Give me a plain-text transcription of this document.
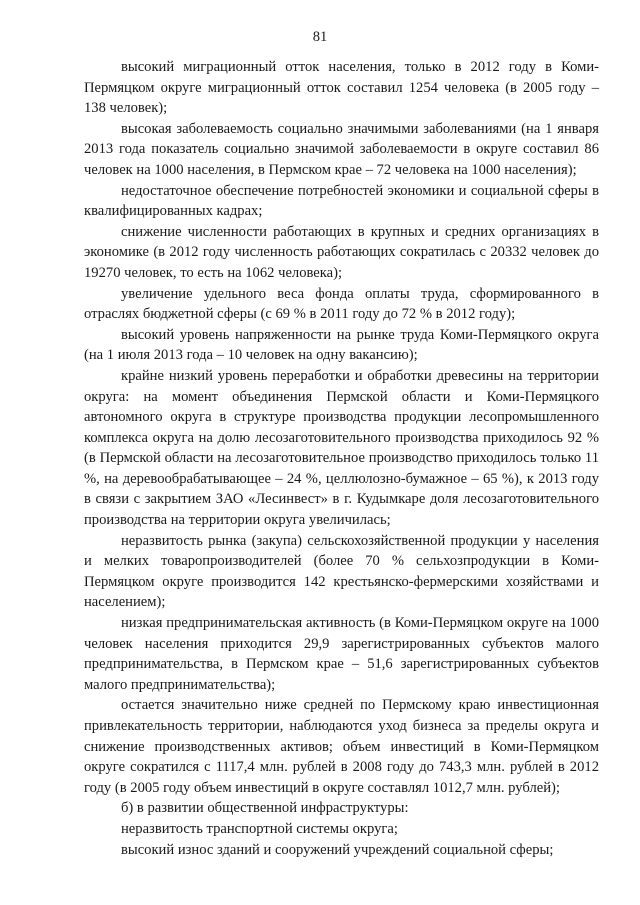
81

высокий миграционный отток населения, только в 2012 году в Коми-Пермяцком округе миграционный отток составил 1254 человека (в 2005 году – 138 человек);

высокая заболеваемость социально значимыми заболеваниями (на 1 января 2013 года показатель социально значимой заболеваемости в округе составил 86 человек на 1000 населения, в Пермском крае – 72 человека на 1000 населения);

недостаточное обеспечение потребностей экономики и социальной сферы в квалифицированных кадрах;

снижение численности работающих в крупных и средних организациях в экономике (в 2012 году численность работающих сократилась с 20332 человек до 19270 человек, то есть на 1062 человека);

увеличение удельного веса фонда оплаты труда, сформированного в отраслях бюджетной сферы (с 69 % в 2011 году до 72 % в 2012 году);

высокий уровень напряженности на рынке труда Коми-Пермяцкого округа (на 1 июля 2013 года – 10 человек на одну вакансию);

крайне низкий уровень переработки и обработки древесины на территории округа: на момент объединения Пермской области и Коми-Пермяцкого автономного округа в структуре производства продукции лесопромышленного комплекса округа на долю лесозаготовительного производства приходилось 92 % (в Пермской области на лесозаготовительное производство приходилось только 11 %, на деревообрабатывающее – 24 %, целлюлозно-бумажное – 65 %), к 2013 году в связи с закрытием ЗАО «Лесинвест» в г. Кудымкаре доля лесозаготовительного производства на территории округа увеличилась;

неразвитость рынка (закупа) сельскохозяйственной продукции у населения и мелких товаропроизводителей (более 70 % сельхозпродукции в Коми-Пермяцком округе производится 142 крестьянско-фермерскими хозяйствами и населением);

низкая предпринимательская активность (в Коми-Пермяцком округе на 1000 человек населения приходится 29,9 зарегистрированных субъектов малого предпринимательства, в Пермском крае – 51,6 зарегистрированных субъектов малого предпринимательства);

остается значительно ниже средней по Пермскому краю инвестиционная привлекательность территории, наблюдаются уход бизнеса за пределы округа и снижение производственных активов; объем инвестиций в Коми-Пермяцком округе сократился с 1117,4 млн. рублей в 2008 году до 743,3 млн. рублей в 2012 году (в 2005 году объем инвестиций в округе составлял 1012,7 млн. рублей);

б) в развитии общественной инфраструктуры:

неразвитость транспортной системы округа;

высокий износ зданий и сооружений учреждений социальной сферы;
